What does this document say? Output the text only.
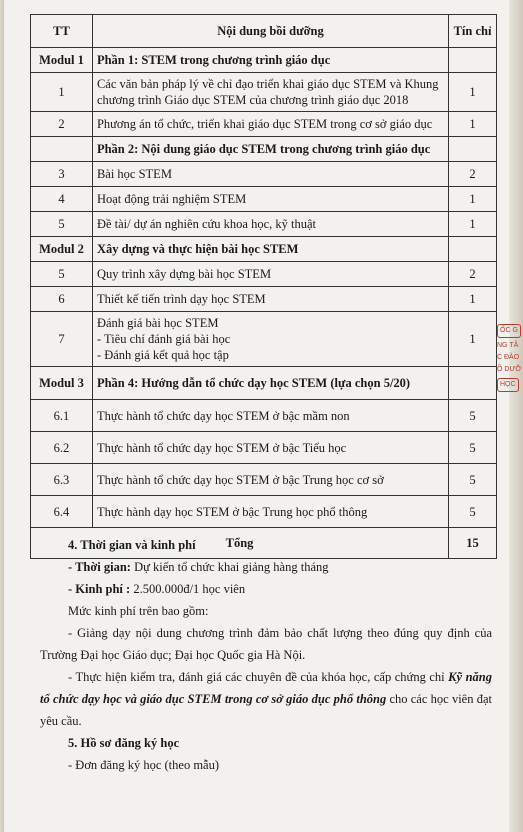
TT	Nội dung bồi dưỡng	Tín chỉ
Modul 1	Phần 1: STEM trong chương trình giáo dục	
1	Các văn bản pháp lý về chỉ đạo triển khai giáo dục STEM và Khung chương trình Giáo dục STEM của chương trình giáo dục 2018	1
2	Phương án tổ chức, triển khai giáo dục STEM trong cơ sở giáo dục	1
	Phần 2: Nội dung giáo dục STEM trong chương trình giáo dục	
3	Bài học STEM	2
4	Hoạt động trải nghiệm STEM	1
5	Đề tài/ dự án nghiên cứu khoa học, kỹ thuật	1
Modul 2	Xây dựng và thực hiện bài học STEM	
5	Quy trình xây dựng bài học STEM	2
6	Thiết kế tiến trình dạy học STEM	1
7	Đánh giá bài học STEM
- Tiêu chí đánh giá bài học
- Đánh giá kết quả học tập	1
Modul 3	Phần 4: Hướng dẫn tổ chức dạy học STEM (lựa chọn 5/20)	
6.1	Thực hành tổ chức dạy học STEM ở bậc mầm non	5
6.2	Thực hành tổ chức dạy học STEM ở bậc Tiểu học	5
6.3	Thực hành tổ chức dạy học STEM ở bậc Trung học cơ sở	5
6.4	Thực hành dạy học STEM ở bậc Trung học phổ thông	5
Tổng		15

4. Thời gian và kinh phí

- Thời gian: Dự kiến tổ chức khai giảng hàng tháng

- Kinh phí : 2.500.000đ/1 học viên

Mức kinh phí trên bao gồm:

- Giảng dạy nội dung chương trình đảm bảo chất lượng theo đúng quy định của Trường Đại học Giáo dục; Đại học Quốc gia Hà Nội.

- Thực hiện kiểm tra, đánh giá các chuyên đề của khóa học, cấp chứng chỉ Kỹ năng tổ chức dạy học và giáo dục STEM trong cơ sở giáo dục phổ thông cho các học viên đạt yêu cầu.

5. Hồ sơ đăng ký học

- Đơn đăng ký học (theo mẫu)

ỐC G
NG TÂ
C ĐÀO
Ồ DƯỠ
HỌC
